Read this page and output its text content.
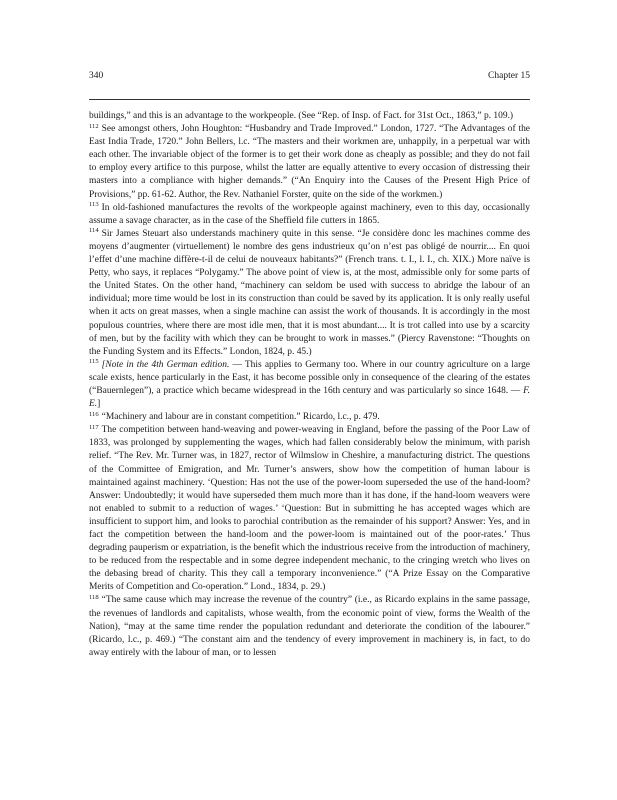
340	Chapter 15

buildings,” and this is an advantage to the workpeople. (See “Rep. of Insp. of Fact. for 31st Oct., 1863,” p. 109.)

$^{112}$ See amongst others, John Houghton: “Husbandry and Trade Improved.” London, 1727. “The Advantages of the East India Trade, 1720.” John Bellers, l.c. “The masters and their workmen are, unhappily, in a perpetual war with each other. The invariable object of the former is to get their work done as cheaply as possible; and they do not fail to employ every artifice to this purpose, whilst the latter are equally attentive to every occasion of distressing their masters into a compliance with higher demands.” (“An Enquiry into the Causes of the Present High Price of Provisions,” pp. 61-62. Author, the Rev. Nathaniel Forster, quite on the side of the workmen.)

$^{113}$ In old-fashioned manufactures the revolts of the workpeople against machinery, even to this day, occasionally assume a savage character, as in the case of the Sheffield file cutters in 1865.

$^{114}$ Sir James Steuart also understands machinery quite in this sense. “Je considère donc les machines comme des moyens d’augmenter (virtuellement) le nombre des gens industrieux qu’on n’est pas obligé de nourrir.... En quoi l’effet d’une machine diffère-t-il de celui de nouveaux habitants?” (French trans. t. I., l. I., ch. XIX.) More naïve is Petty, who says, it replaces “Polygamy.” The above point of view is, at the most, admissible only for some parts of the United States. On the other hand, “machinery can seldom be used with success to abridge the labour of an individual; more time would be lost in its construction than could be saved by its application. It is only really useful when it acts on great masses, when a single machine can assist the work of thousands. It is accordingly in the most populous countries, where there are most idle men, that it is most abundant.... It is trot called into use by a scarcity of men, but by the facility with which they can be brought to work in masses.” (Piercy Ravenstone: “Thoughts on the Funding System and its Effects.” London, 1824, p. 45.)

$^{115}$ [Note in the 4th German edition. — This applies to Germany too. Where in our country agriculture on a large scale exists, hence particularly in the East, it has become possible only in consequence of the clearing of the estates (“Bauernlegen”), a practice which became widespread in the 16th century and was particularly so since 1648. — F. E.]

$^{116}$ “Machinery and labour are in constant competition.” Ricardo, l.c., p. 479.

$^{117}$ The competition between hand-weaving and power-weaving in England, before the passing of the Poor Law of 1833, was prolonged by supplementing the wages, which had fallen considerably below the minimum, with parish relief. “The Rev. Mr. Turner was, in 1827, rector of Wilmslow in Cheshire, a manufacturing district. The questions of the Committee of Emigration, and Mr. Turner’s answers, show how the competition of human labour is maintained against machinery. ‘Question: Has not the use of the power-loom superseded the use of the hand-loom? Answer: Undoubtedly; it would have superseded them much more than it has done, if the hand-loom weavers were not enabled to submit to a reduction of wages.’ ‘Question: But in submitting he has accepted wages which are insufficient to support him, and looks to parochial contribution as the remainder of his support? Answer: Yes, and in fact the competition between the hand-loom and the power-loom is maintained out of the poor-rates.’ Thus degrading pauperism or expatriation, is the benefit which the industrious receive from the introduction of machinery, to be reduced from the respectable and in some degree independent mechanic, to the cringing wretch who lives on the debasing bread of charity. This they call a temporary inconvenience.” (“A Prize Essay on the Comparative Merits of Competition and Co-operation.” Lond., 1834, p. 29.)

$^{118}$ “The same cause which may increase the revenue of the country” (i.e., as Ricardo explains in the same passage, the revenues of landlords and capitalists, whose wealth, from the economic point of view, forms the Wealth of the Nation), “may at the same time render the population redundant and deteriorate the condition of the labourer.” (Ricardo, l.c., p. 469.) “The constant aim and the tendency of every improvement in machinery is, in fact, to do away entirely with the labour of man, or to lessen
